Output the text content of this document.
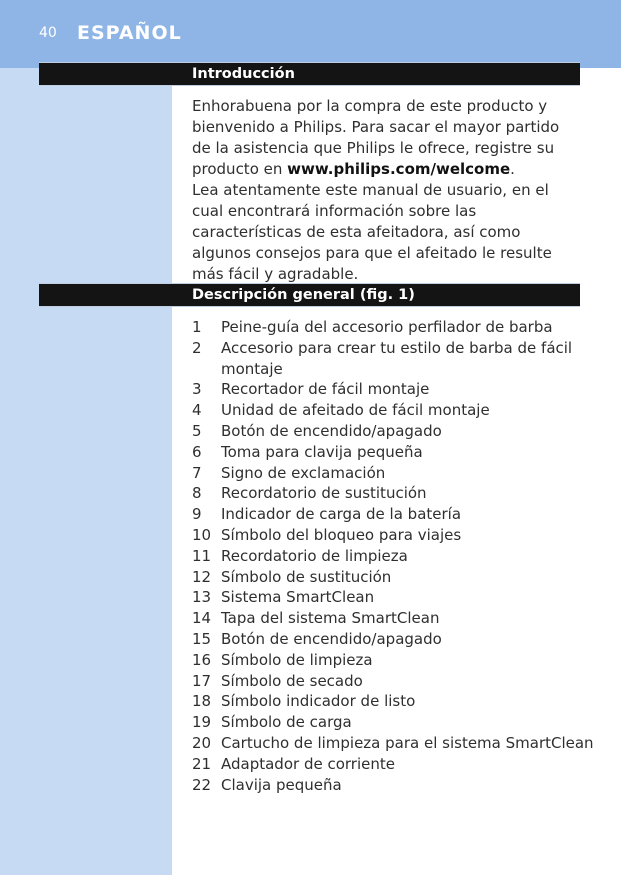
40 ESPAÑOL
Introducción

Enhorabuena por la compra de este producto y bienvenido a Philips. Para sacar el mayor partido de la asistencia que Philips le ofrece, registre su producto en www.philips.com/welcome.
Lea atentamente este manual de usuario, en el cual encontrará información sobre las características de esta afeitadora, así como algunos consejos para que el afeitado le resulte más fácil y agradable.

Descripción general (fig. 1)
1	Peine-guía del accesorio perfilador de barba
2	Accesorio para crear tu estilo de barba de fácil montaje
3	Recortador de fácil montaje
4	Unidad de afeitado de fácil montaje
5	Botón de encendido/apagado
6	Toma para clavija pequeña
7	Signo de exclamación
8	Recordatorio de sustitución
9	Indicador de carga de la batería
10 Símbolo del bloqueo para viajes
11 Recordatorio de limpieza
12 Símbolo de sustitución
13 Sistema SmartClean
14 Tapa del sistema SmartClean
15 Botón de encendido/apagado
16 Símbolo de limpieza
17 Símbolo de secado
18 Símbolo indicador de listo
19 Símbolo de carga
20 Cartucho de limpieza para el sistema SmartClean
21 Adaptador de corriente
22 Clavija pequeña
